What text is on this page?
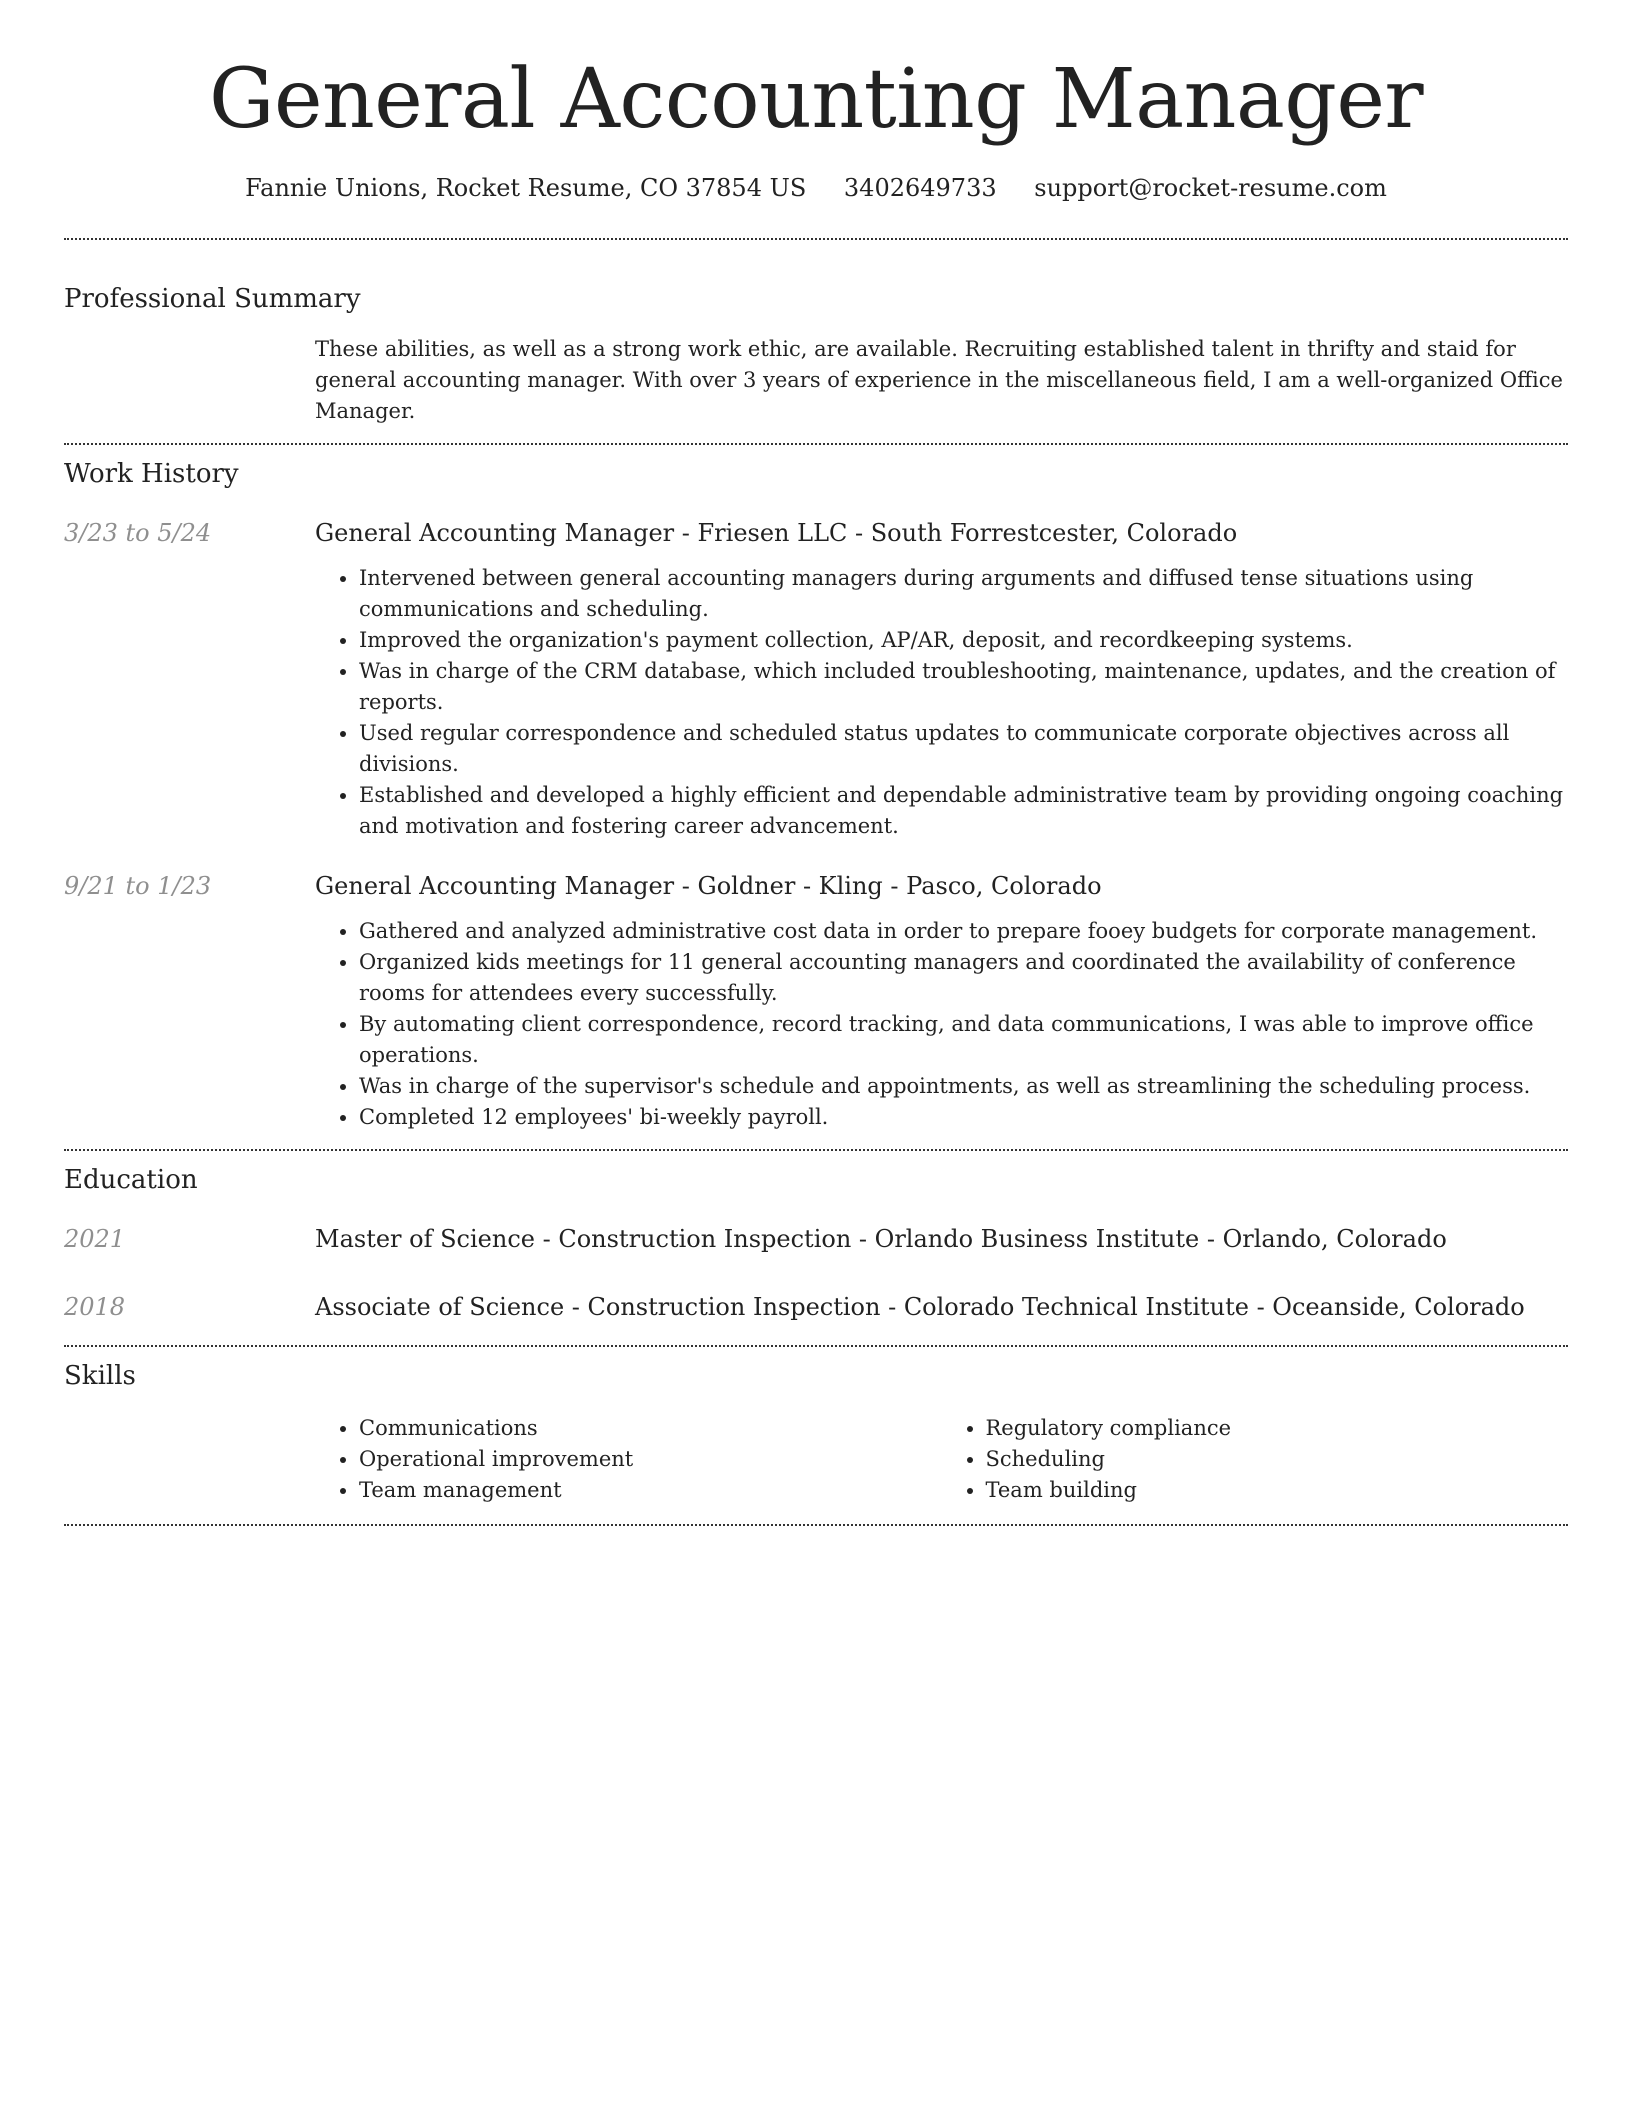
General Accounting Manager
Fannie Unions, Rocket Resume, CO 37854 US 3402649733 support@rocket-resume.com
Professional Summary

These abilities, as well as a strong work ethic, are available. Recruiting established talent in thrifty and staid for general accounting manager. With over 3 years of experience in the miscellaneous field, I am a well-organized Office Manager.

Work History
3/23 to 5/24	General Accounting Manager - Friesen LLC - South Forrestcester, Colorado
• Intervened between general accounting managers during arguments and diffused tense situations using communications and scheduling.
• Improved the organization's payment collection, AP/AR, deposit, and recordkeeping systems.
• Was in charge of the CRM database, which included troubleshooting, maintenance, updates, and the creation of reports.
• Used regular correspondence and scheduled status updates to communicate corporate objectives across all divisions.
• Established and developed a highly efficient and dependable administrative team by providing ongoing coaching and motivation and fostering career advancement.
9/21 to 1/23	General Accounting Manager - Goldner - Kling - Pasco, Colorado
• Gathered and analyzed administrative cost data in order to prepare fooey budgets for corporate management.
• Organized kids meetings for 11 general accounting managers and coordinated the availability of conference rooms for attendees every successfully.
• By automating client correspondence, record tracking, and data communications, I was able to improve office operations.
• Was in charge of the supervisor's schedule and appointments, as well as streamlining the scheduling process.
• Completed 12 employees' bi-weekly payroll.
Education
2021	Master of Science - Construction Inspection - Orlando Business Institute - Orlando, Colorado
2018	Associate of Science - Construction Inspection - Colorado Technical Institute - Oceanside, Colorado
Skills
• Communications
• Operational improvement
• Team management
• Regulatory compliance
• Scheduling
• Team building
